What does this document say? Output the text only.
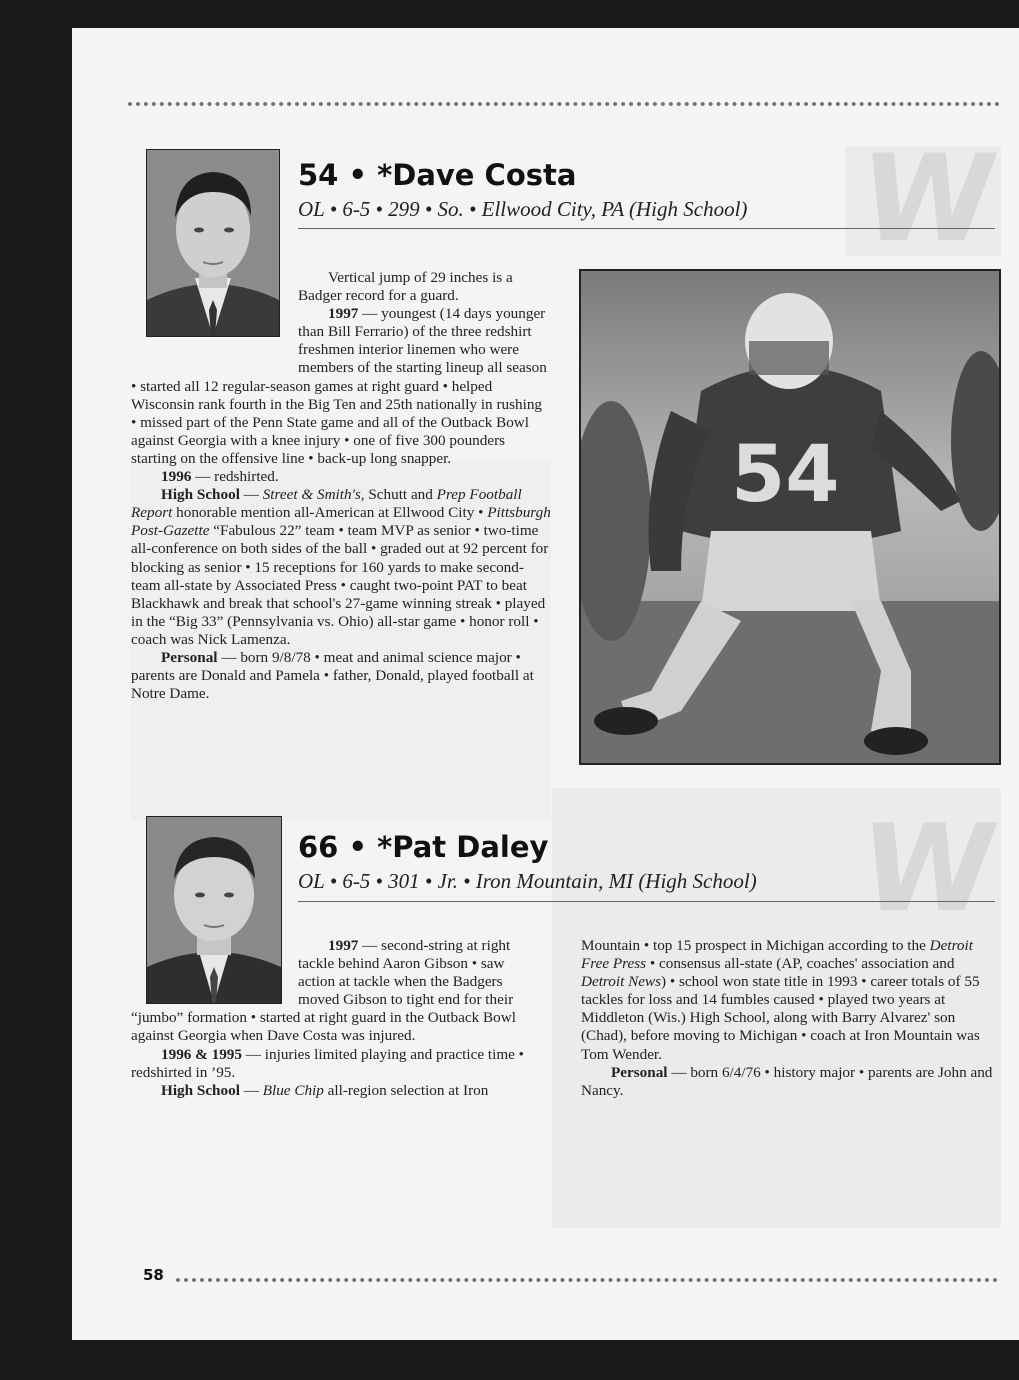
W
W
54 • *Dave Costa
OL • 6-5 • 299 • So. • Ellwood City, PA (High School)

Vertical jump of 29 inches is a Badger record for a guard.

1997 — youngest (14 days younger than Bill Ferrario) of the three redshirt freshmen interior linemen who were members of the starting lineup all season • started all 12 regular-season games at right guard • helped Wisconsin rank fourth in the Big Ten and 25th nationally in rushing • missed part of the Penn State game and all of the Outback Bowl against Georgia with a knee injury • one of five 300 pounders starting on the offensive line • back-up long snapper.

1996 — redshirted.

High School — Street & Smith's, Schutt and Prep Football Report honorable mention all-American at Ellwood City • Pittsburgh Post-Gazette “Fabulous 22” team • team MVP as senior • two-time all-conference on both sides of the ball • graded out at 92 percent for blocking as senior • 15 receptions for 160 yards to make second-team all-state by Associated Press • caught two-point PAT to beat Blackhawk and break that school's 27-game winning streak • played in the “Big 33” (Pennsylvania vs. Ohio) all-star game • honor roll • coach was Nick Lamenza.

Personal — born 9/8/78 • meat and animal science major • parents are Donald and Pamela • father, Donald, played football at Notre Dame.

54
66 • *Pat Daley
OL • 6-5 • 301 • Jr. • Iron Mountain, MI (High School)

1997 — second-string at right tackle behind Aaron Gibson • saw action at tackle when the Badgers moved Gibson to tight end for their “jumbo” formation • started at right guard in the Outback Bowl against Georgia when Dave Costa was injured.

1996 & 1995 — injuries limited playing and practice time • redshirted in ’95.

High School — Blue Chip all-region selection at Iron

Mountain • top 15 prospect in Michigan according to the Detroit Free Press • consensus all-state (AP, coaches' association and Detroit News) • school won state title in 1993 • career totals of 55 tackles for loss and 14 fumbles caused • played two years at Middleton (Wis.) High School, along with Barry Alvarez' son (Chad), before moving to Michigan • coach at Iron Mountain was Tom Wender.

Personal — born 6/4/76 • history major • parents are John and Nancy.

58
